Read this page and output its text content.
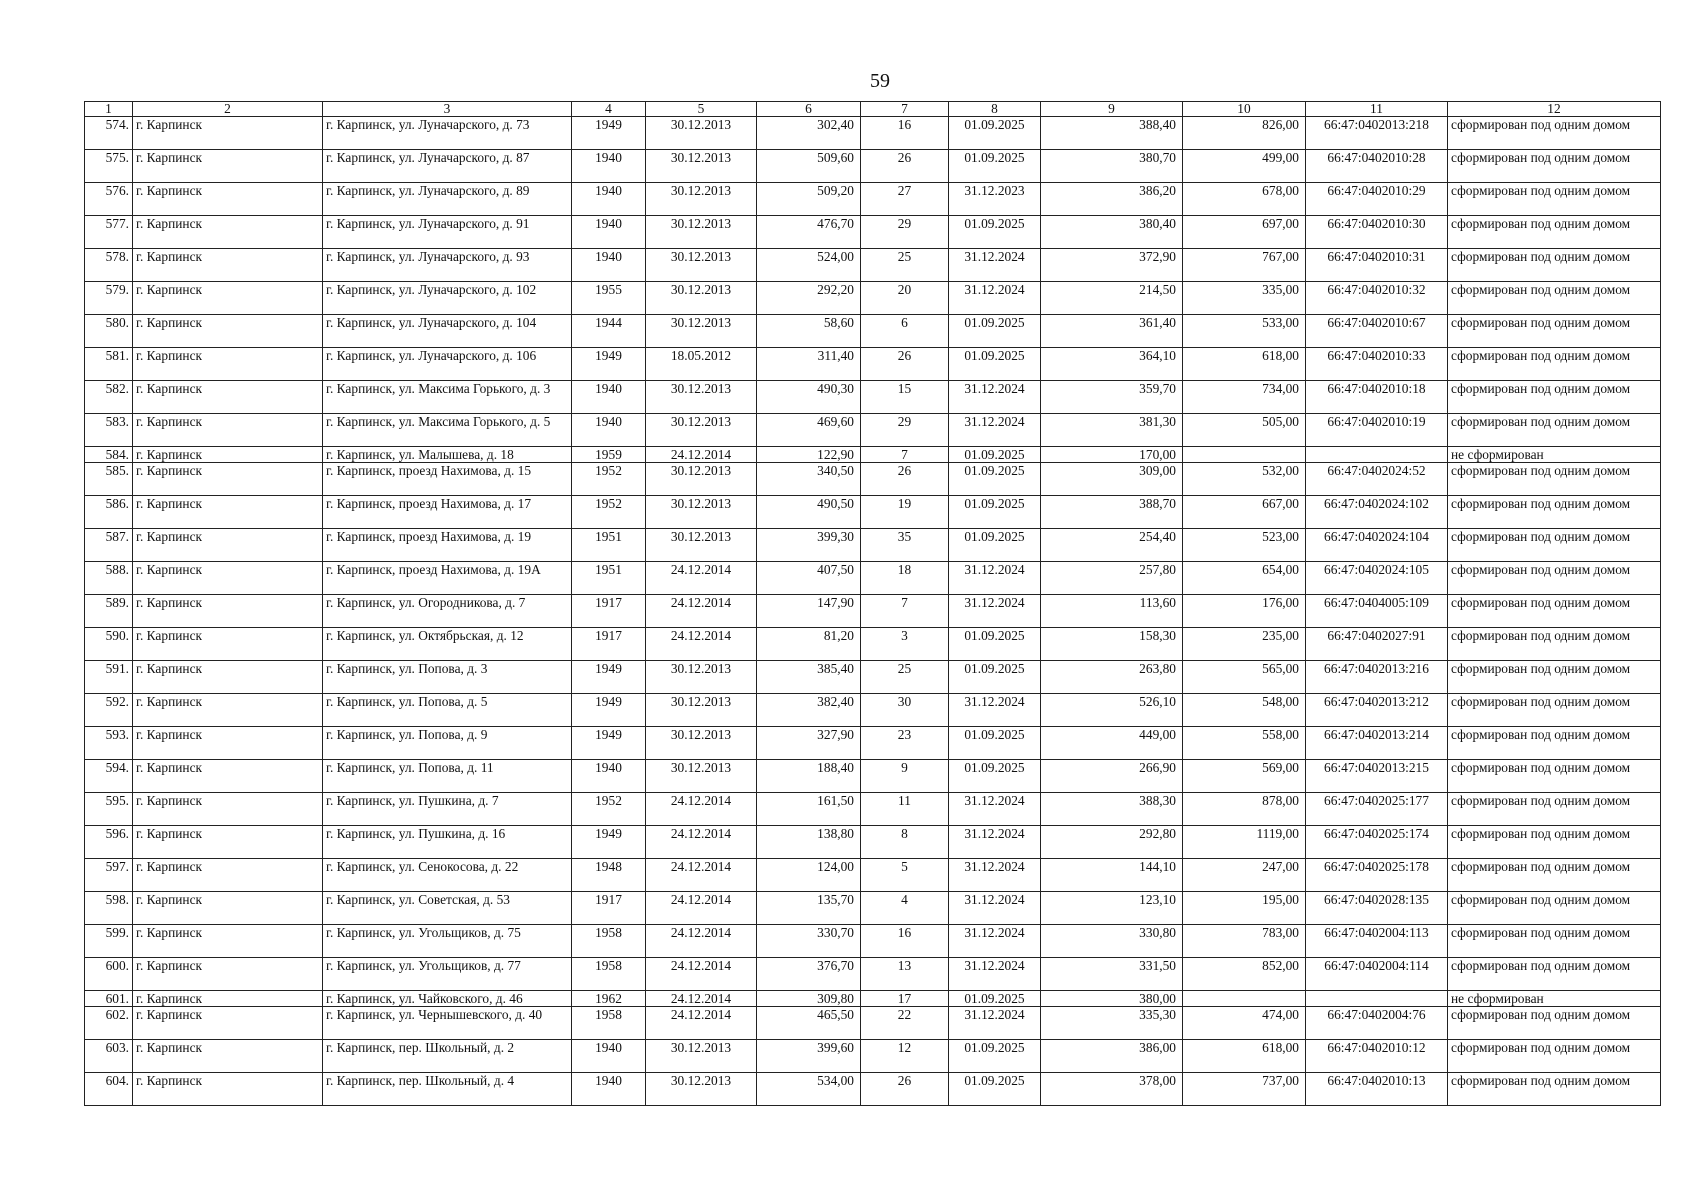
59
1	2	3	4	5	6	7	8	9	10	11	12
574.	г. Карпинск	г. Карпинск, ул. Луначарского, д. 73	1949	30.12.2013	302,40	16	01.09.2025	388,40	826,00	66:47:0402013:218	сформирован под одним домом
575.	г. Карпинск	г. Карпинск, ул. Луначарского, д. 87	1940	30.12.2013	509,60	26	01.09.2025	380,70	499,00	66:47:0402010:28	сформирован под одним домом
576.	г. Карпинск	г. Карпинск, ул. Луначарского, д. 89	1940	30.12.2013	509,20	27	31.12.2023	386,20	678,00	66:47:0402010:29	сформирован под одним домом
577.	г. Карпинск	г. Карпинск, ул. Луначарского, д. 91	1940	30.12.2013	476,70	29	01.09.2025	380,40	697,00	66:47:0402010:30	сформирован под одним домом
578.	г. Карпинск	г. Карпинск, ул. Луначарского, д. 93	1940	30.12.2013	524,00	25	31.12.2024	372,90	767,00	66:47:0402010:31	сформирован под одним домом
579.	г. Карпинск	г. Карпинск, ул. Луначарского, д. 102	1955	30.12.2013	292,20	20	31.12.2024	214,50	335,00	66:47:0402010:32	сформирован под одним домом
580.	г. Карпинск	г. Карпинск, ул. Луначарского, д. 104	1944	30.12.2013	58,60	6	01.09.2025	361,40	533,00	66:47:0402010:67	сформирован под одним домом
581.	г. Карпинск	г. Карпинск, ул. Луначарского, д. 106	1949	18.05.2012	311,40	26	01.09.2025	364,10	618,00	66:47:0402010:33	сформирован под одним домом
582.	г. Карпинск	г. Карпинск, ул. Максима Горького, д. 3	1940	30.12.2013	490,30	15	31.12.2024	359,70	734,00	66:47:0402010:18	сформирован под одним домом
583.	г. Карпинск	г. Карпинск, ул. Максима Горького, д. 5	1940	30.12.2013	469,60	29	31.12.2024	381,30	505,00	66:47:0402010:19	сформирован под одним домом
584.	г. Карпинск	г. Карпинск, ул. Малышева, д. 18	1959	24.12.2014	122,90	7	01.09.2025	170,00			не сформирован
585.	г. Карпинск	г. Карпинск, проезд Нахимова, д. 15	1952	30.12.2013	340,50	26	01.09.2025	309,00	532,00	66:47:0402024:52	сформирован под одним домом
586.	г. Карпинск	г. Карпинск, проезд Нахимова, д. 17	1952	30.12.2013	490,50	19	01.09.2025	388,70	667,00	66:47:0402024:102	сформирован под одним домом
587.	г. Карпинск	г. Карпинск, проезд Нахимова, д. 19	1951	30.12.2013	399,30	35	01.09.2025	254,40	523,00	66:47:0402024:104	сформирован под одним домом
588.	г. Карпинск	г. Карпинск, проезд Нахимова, д. 19А	1951	24.12.2014	407,50	18	31.12.2024	257,80	654,00	66:47:0402024:105	сформирован под одним домом
589.	г. Карпинск	г. Карпинск, ул. Огородникова, д. 7	1917	24.12.2014	147,90	7	31.12.2024	113,60	176,00	66:47:0404005:109	сформирован под одним домом
590.	г. Карпинск	г. Карпинск, ул. Октябрьская, д. 12	1917	24.12.2014	81,20	3	01.09.2025	158,30	235,00	66:47:0402027:91	сформирован под одним домом
591.	г. Карпинск	г. Карпинск, ул. Попова, д. 3	1949	30.12.2013	385,40	25	01.09.2025	263,80	565,00	66:47:0402013:216	сформирован под одним домом
592.	г. Карпинск	г. Карпинск, ул. Попова, д. 5	1949	30.12.2013	382,40	30	31.12.2024	526,10	548,00	66:47:0402013:212	сформирован под одним домом
593.	г. Карпинск	г. Карпинск, ул. Попова, д. 9	1949	30.12.2013	327,90	23	01.09.2025	449,00	558,00	66:47:0402013:214	сформирован под одним домом
594.	г. Карпинск	г. Карпинск, ул. Попова, д. 11	1940	30.12.2013	188,40	9	01.09.2025	266,90	569,00	66:47:0402013:215	сформирован под одним домом
595.	г. Карпинск	г. Карпинск, ул. Пушкина, д. 7	1952	24.12.2014	161,50	11	31.12.2024	388,30	878,00	66:47:0402025:177	сформирован под одним домом
596.	г. Карпинск	г. Карпинск, ул. Пушкина, д. 16	1949	24.12.2014	138,80	8	31.12.2024	292,80	1119,00	66:47:0402025:174	сформирован под одним домом
597.	г. Карпинск	г. Карпинск, ул. Сенокосова, д. 22	1948	24.12.2014	124,00	5	31.12.2024	144,10	247,00	66:47:0402025:178	сформирован под одним домом
598.	г. Карпинск	г. Карпинск, ул. Советская, д. 53	1917	24.12.2014	135,70	4	31.12.2024	123,10	195,00	66:47:0402028:135	сформирован под одним домом
599.	г. Карпинск	г. Карпинск, ул. Угольщиков, д. 75	1958	24.12.2014	330,70	16	31.12.2024	330,80	783,00	66:47:0402004:113	сформирован под одним домом
600.	г. Карпинск	г. Карпинск, ул. Угольщиков, д. 77	1958	24.12.2014	376,70	13	31.12.2024	331,50	852,00	66:47:0402004:114	сформирован под одним домом
601.	г. Карпинск	г. Карпинск, ул. Чайковского, д. 46	1962	24.12.2014	309,80	17	01.09.2025	380,00			не сформирован
602.	г. Карпинск	г. Карпинск, ул. Чернышевского, д. 40	1958	24.12.2014	465,50	22	31.12.2024	335,30	474,00	66:47:0402004:76	сформирован под одним домом
603.	г. Карпинск	г. Карпинск, пер. Школьный, д. 2	1940	30.12.2013	399,60	12	01.09.2025	386,00	618,00	66:47:0402010:12	сформирован под одним домом
604.	г. Карпинск	г. Карпинск, пер. Школьный, д. 4	1940	30.12.2013	534,00	26	01.09.2025	378,00	737,00	66:47:0402010:13	сформирован под одним домом
